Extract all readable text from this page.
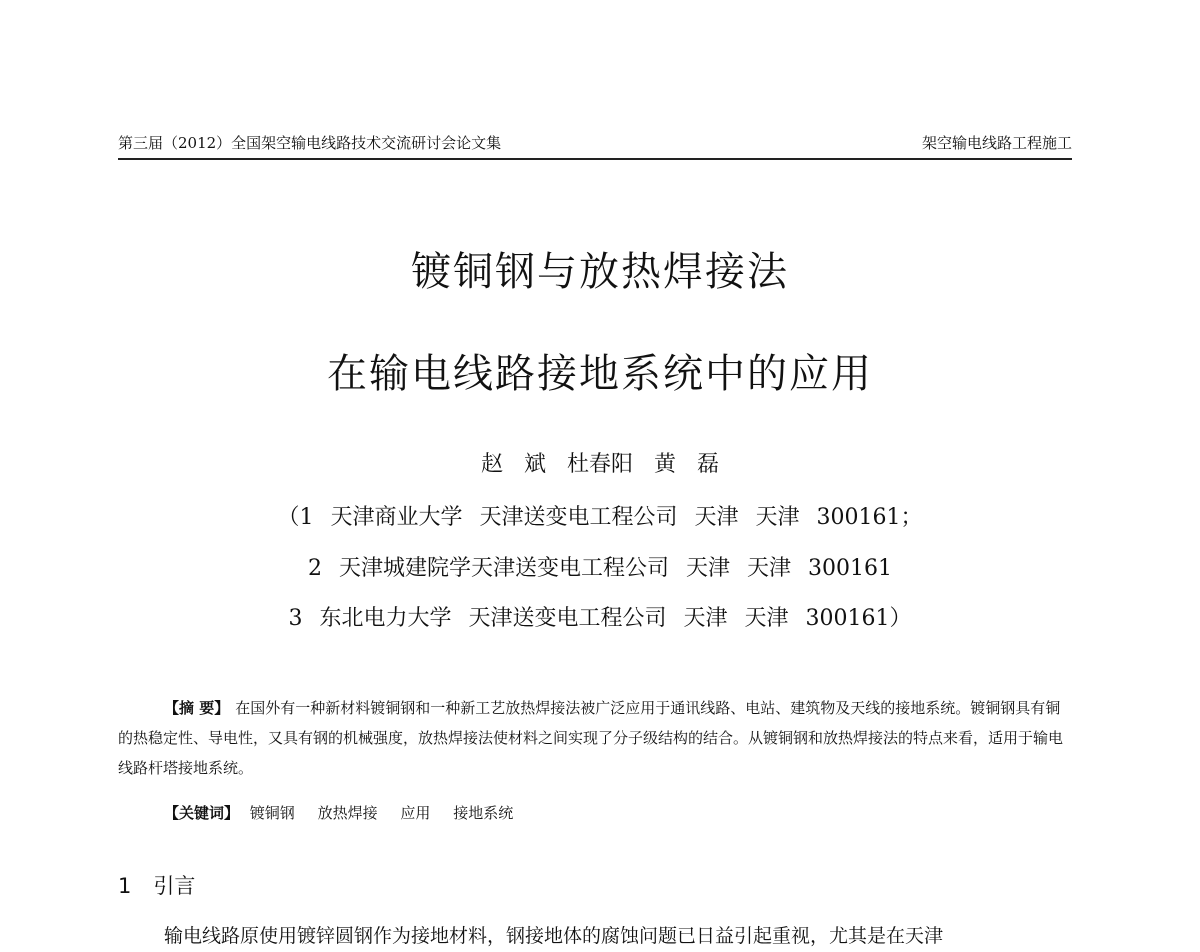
第三届（2012）全国架空输电线路技术交流研讨会论文集	架空输电线路工程施工
镀铜钢与放热焊接法
在输电线路接地系统中的应用
赵 斌 杜春阳 黄 磊
（1 天津商业大学 天津送变电工程公司 天津 天津 300161；
2 天津城建院学天津送变电工程公司 天津 天津 300161
3 东北电力大学 天津送变电工程公司 天津 天津 300161）
【摘 要】 在国外有一种新材料镀铜钢和一种新工艺放热焊接法被广泛应用于通讯线路、电站、建筑物及天线的接地系统。镀铜钢具有铜的热稳定性、导电性，又具有钢的机械强度，放热焊接法使材料之间实现了分子级结构的结合。从镀铜钢和放热焊接法的特点来看，适用于输电线路杆塔接地系统。
【关键词】 镀铜钢 放热焊接 应用 接地系统
1 引言
输电线路原使用镀锌圆钢作为接地材料，钢接地体的腐蚀问题已日益引起重视，尤其是在天津
